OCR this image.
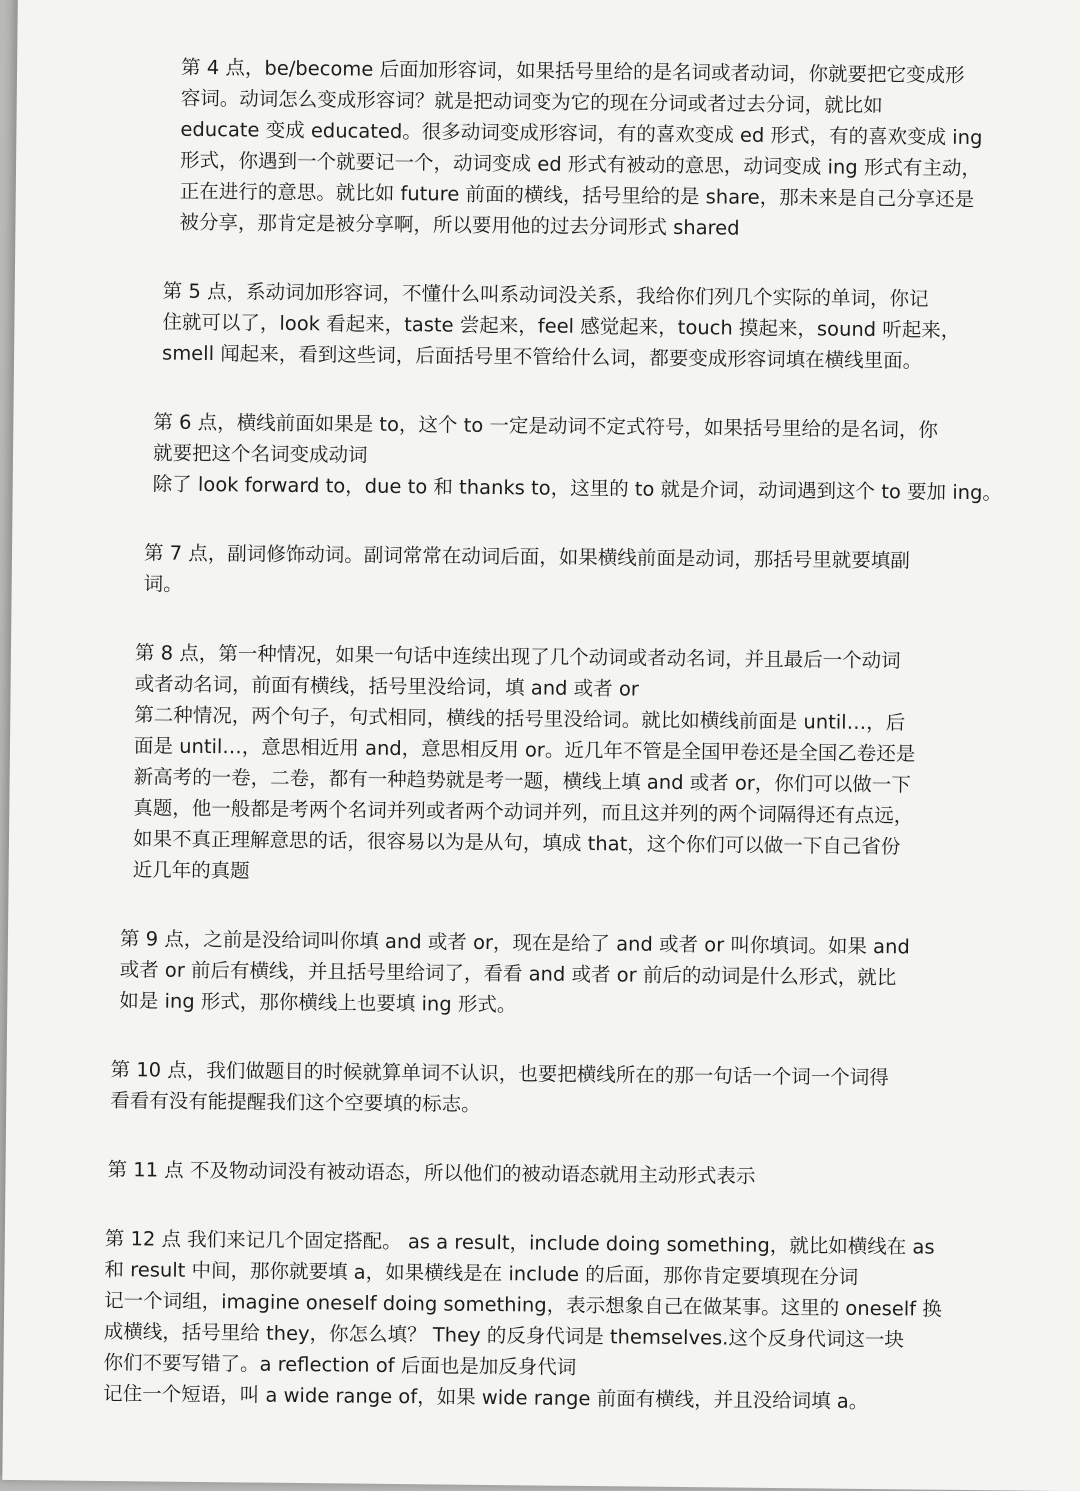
第 4 点，be/become 后面加形容词，如果括号里给的是名词或者动词，你就要把它变成形
容词。动词怎么变成形容词？就是把动词变为它的现在分词或者过去分词，就比如
educate 变成 educated。很多动词变成形容词，有的喜欢变成 ed 形式，有的喜欢变成 ing
形式，你遇到一个就要记一个，动词变成 ed 形式有被动的意思，动词变成 ing 形式有主动，
正在进行的意思。就比如 future 前面的横线，括号里给的是 share，那未来是自己分享还是
被分享，那肯定是被分享啊，所以要用他的过去分词形式 shared
第 5 点，系动词加形容词，不懂什么叫系动词没关系，我给你们列几个实际的单词，你记
住就可以了，look 看起来，taste 尝起来，feel 感觉起来，touch 摸起来，sound 听起来，
smell 闻起来，看到这些词，后面括号里不管给什么词，都要变成形容词填在横线里面。
第 6 点，横线前面如果是 to，这个 to 一定是动词不定式符号，如果括号里给的是名词，你
就要把这个名词变成动词
除了 look forward to，due to 和 thanks to，这里的 to 就是介词，动词遇到这个 to 要加 ing。
第 7 点，副词修饰动词。副词常常在动词后面，如果横线前面是动词，那括号里就要填副
词。
第 8 点，第一种情况，如果一句话中连续出现了几个动词或者动名词，并且最后一个动词
或者动名词，前面有横线，括号里没给词，填 and 或者 or
第二种情况，两个句子，句式相同，横线的括号里没给词。就比如横线前面是 until…，后
面是 until…，意思相近用 and，意思相反用 or。近几年不管是全国甲卷还是全国乙卷还是
新高考的一卷，二卷，都有一种趋势就是考一题，横线上填 and 或者 or，你们可以做一下
真题，他一般都是考两个名词并列或者两个动词并列，而且这并列的两个词隔得还有点远，
如果不真正理解意思的话，很容易以为是从句，填成 that，这个你们可以做一下自己省份
近几年的真题
第 9 点，之前是没给词叫你填 and 或者 or，现在是给了 and 或者 or 叫你填词。如果 and
或者 or 前后有横线，并且括号里给词了，看看 and 或者 or 前后的动词是什么形式，就比
如是 ing 形式，那你横线上也要填 ing 形式。
第 10 点，我们做题目的时候就算单词不认识，也要把横线所在的那一句话一个词一个词得
看看有没有能提醒我们这个空要填的标志。
第 11 点 不及物动词没有被动语态，所以他们的被动语态就用主动形式表示
第 12 点 我们来记几个固定搭配。 as a result，include doing something，就比如横线在 as
和 result 中间，那你就要填 a，如果横线是在 include 的后面，那你肯定要填现在分词
记一个词组，imagine oneself doing something，表示想象自己在做某事。这里的 oneself 换
成横线，括号里给 they，你怎么填？ They 的反身代词是 themselves.这个反身代词这一块
你们不要写错了。a reflection of 后面也是加反身代词
记住一个短语，叫 a wide range of，如果 wide range 前面有横线，并且没给词填 a。
